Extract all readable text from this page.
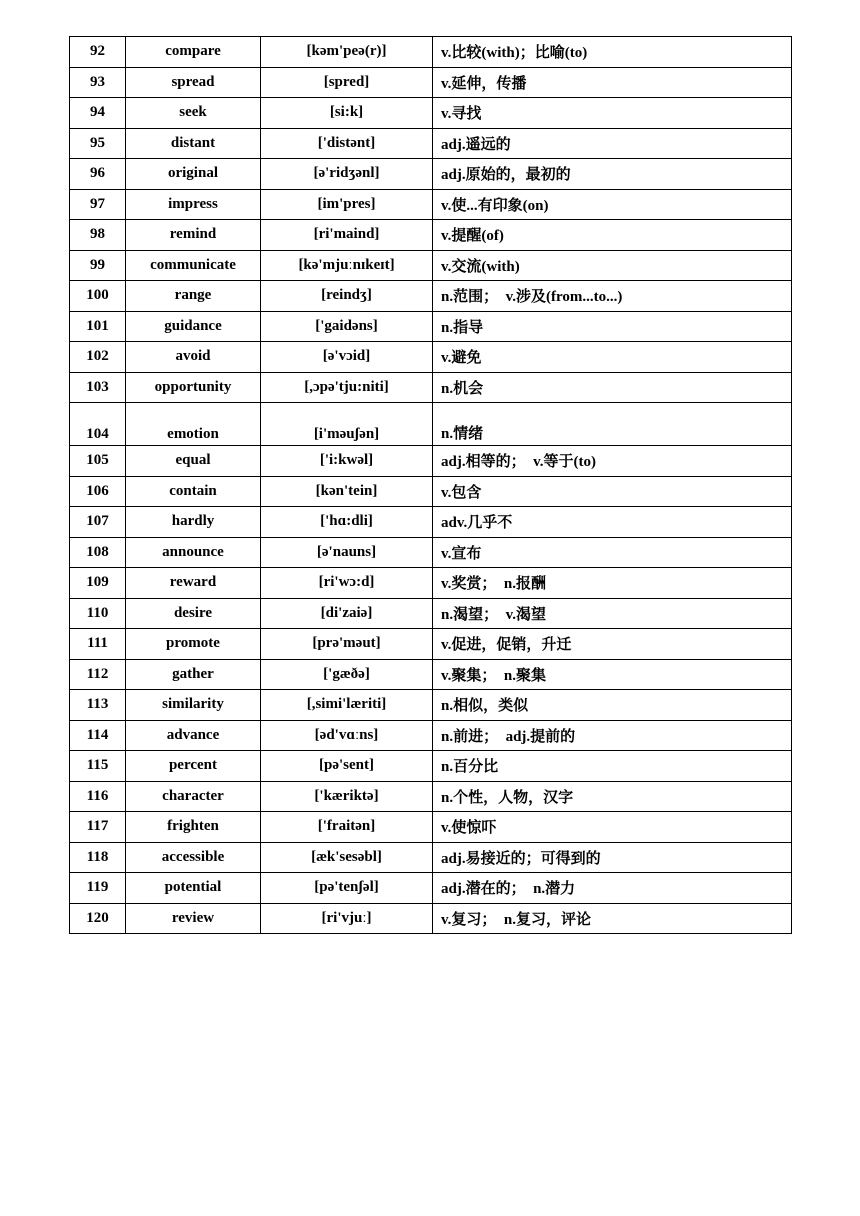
92	compare	[kəm'peə(r)]	v.比较(with)；比喻(to)
93	spread	[spred]	v.延伸，传播
94	seek	[si:k]	v.寻找
95	distant	['distənt]	adj.遥远的
96	original	[ə'ridʒənl]	adj.原始的，最初的
97	impress	[im'pres]	v.使...有印象(on)
98	remind	[ri'maind]	v.提醒(of)
99	communicate	[kə'mjuːnɪkeɪt]	v.交流(with)
100	range	[reindʒ]	n.范围；　v.涉及(from...to...)
101	guidance	['gaidəns]	n.指导
102	avoid	[ə'vɔid]	v.避免
103	opportunity	[,ɔpə'tju:niti]	n.机会
104	emotion	[i'məuʃən]	n.情绪
105	equal	['i:kwəl]	adj.相等的；　v.等于(to)
106	contain	[kən'tein]	v.包含
107	hardly	['hɑ:dli]	adv.几乎不
108	announce	[ə'nauns]	v.宣布
109	reward	[ri'wɔ:d]	v.奖赏；　n.报酬
110	desire	[di'zaiə]	n.渴望；　v.渴望
111	promote	[prə'məut]	v.促进，促销，升迁
112	gather	['gæðə]	v.聚集；　n.聚集
113	similarity	[,simi'læriti]	n.相似，类似
114	advance	[əd'vɑːns]	n.前进；　adj.提前的
115	percent	[pə'sent]	n.百分比
116	character	['kæriktə]	n.个性，人物，汉字
117	frighten	['fraitən]	v.使惊吓
118	accessible	[æk'sesəbl]	adj.易接近的；可得到的
119	potential	[pə'tenʃəl]	adj.潜在的；　n.潜力
120	review	[ri'vjuː]	v.复习；　n.复习，评论
